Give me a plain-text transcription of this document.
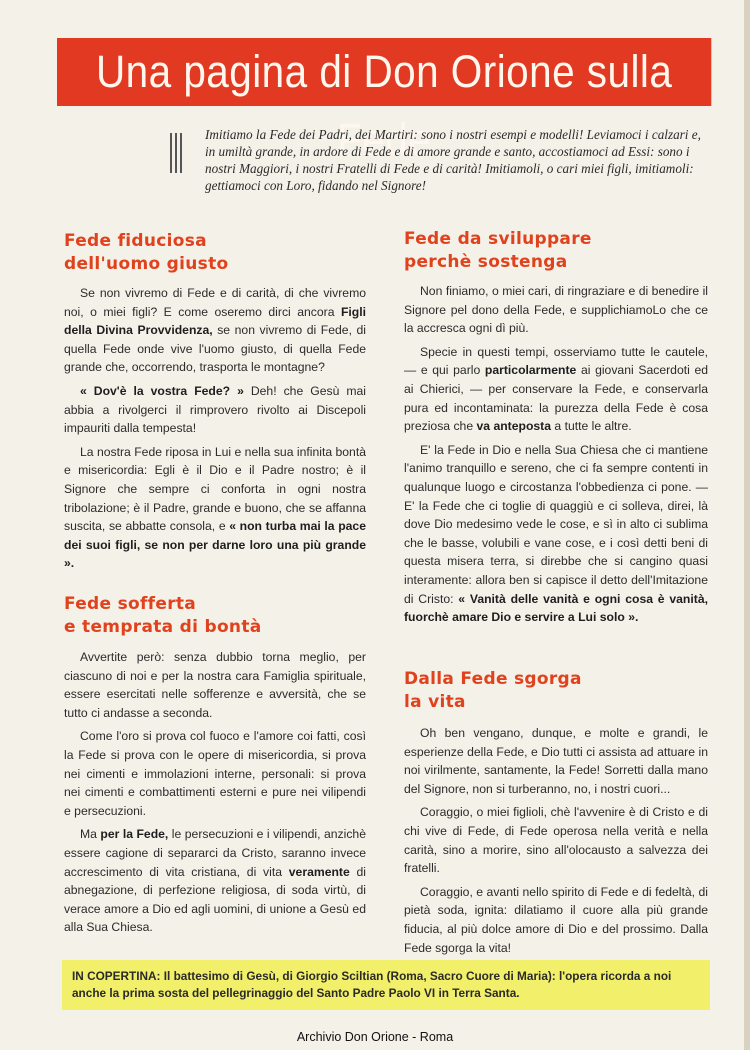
Una pagina di Don Orione sulla Fede

Imitiamo la Fede dei Padri, dei Martiri: sono i nostri esempi e modelli! Leviamoci i calzari e, in umiltà grande, in ardore di Fede e di amore grande e santo, accostiamoci ad Essi: sono i nostri Maggiori, i nostri Fratelli di Fede e di carità! Imitiamoli, o cari miei figli, imitiamoli: gettiamoci con Loro, fidando nel Signore!

Fede fiduciosa
dell'uomo giusto

Se non vivremo di Fede e di carità, di che vivremo noi, o miei figli? E come oseremo dirci ancora Figli della Divina Provvidenza, se non vivremo di Fede, di quella Fede onde vive l'uomo giusto, di quella Fede grande che, occorrendo, trasporta le montagne?

« Dov'è la vostra Fede? » Deh! che Gesù mai abbia a rivolgerci il rimprovero rivolto ai Discepoli impauriti dalla tempesta!

La nostra Fede riposa in Lui e nella sua infinita bontà e misericordia: Egli è il Dio e il Padre nostro; è il Signore che sempre ci conforta in ogni nostra tribolazione; è il Padre, grande e buono, che se affanna suscita, se abbatte consola, e « non turba mai la pace dei suoi figli, se non per darne loro una più grande ».

Fede sofferta
e temprata di bontà

Avvertite però: senza dubbio torna meglio, per ciascuno di noi e per la nostra cara Famiglia spirituale, essere esercitati nelle sofferenze e avversità, che se tutto ci andasse a seconda.

Come l'oro si prova col fuoco e l'amore coi fatti, così la Fede si prova con le opere di misericordia, si prova nei cimenti e immolazioni interne, personali: si prova nei cimenti e combattimenti esterni e pure nei vilipendi e persecuzioni.

Ma per la Fede, le persecuzioni e i vilipendi, anzichè essere cagione di separarci da Cristo, saranno invece accrescimento di vita cristiana, di vita veramente di abnegazione, di perfezione religiosa, di soda virtù, di verace amore a Dio ed agli uomini, di unione a Gesù ed alla Sua Chiesa.

Fede da sviluppare
perchè sostenga

Non finiamo, o miei cari, di ringraziare e di benedire il Signore pel dono della Fede, e supplichiamoLo che ce la accresca ogni dì più.

Specie in questi tempi, osserviamo tutte le cautele, — e qui parlo particolarmente ai giovani Sacerdoti ed ai Chierici, — per conservare la Fede, e conservarla pura ed incontaminata: la purezza della Fede è cosa preziosa che va anteposta a tutte le altre.

E' la Fede in Dio e nella Sua Chiesa che ci mantiene l'animo tranquillo e sereno, che ci fa sempre contenti in qualunque luogo e circostanza l'obbedienza ci pone. — E' la Fede che ci toglie di quaggiù e ci solleva, direi, là dove Dio medesimo vede le cose, e sì in alto ci sublima che le basse, volubili e vane cose, e i così detti beni di questa misera terra, si direbbe che si cangino quasi interamente: allora ben si capisce il detto dell'Imitazione di Cristo: « Vanità delle vanità e ogni cosa è vanità, fuorchè amare Dio e servire a Lui solo ».

Dalla Fede sgorga
la vita

Oh ben vengano, dunque, e molte e grandi, le esperienze della Fede, e Dio tutti ci assista ad attuare in noi virilmente, santamente, la Fede! Sorretti dalla mano del Signore, non si turberanno, no, i nostri cuori...

Coraggio, o miei figlioli, chè l'avvenire è di Cristo e di chi vive di Fede, di Fede operosa nella verità e nella carità, sino a morire, sino all'olocausto a salvezza dei fratelli.

Coraggio, e avanti nello spirito di Fede e di fedeltà, di pietà soda, ignita: dilatiamo il cuore alla più grande fiducia, al più dolce amore di Dio e del prossimo. Dalla Fede sgorga la vita!

IN COPERTINA: Il battesimo di Gesù, di Giorgio Sciltian (Roma, Sacro Cuore di Maria): l'opera ricorda a noi anche la prima sosta del pellegrinaggio del Santo Padre Paolo VI in Terra Santa.
Archivio Don Orione - Roma
